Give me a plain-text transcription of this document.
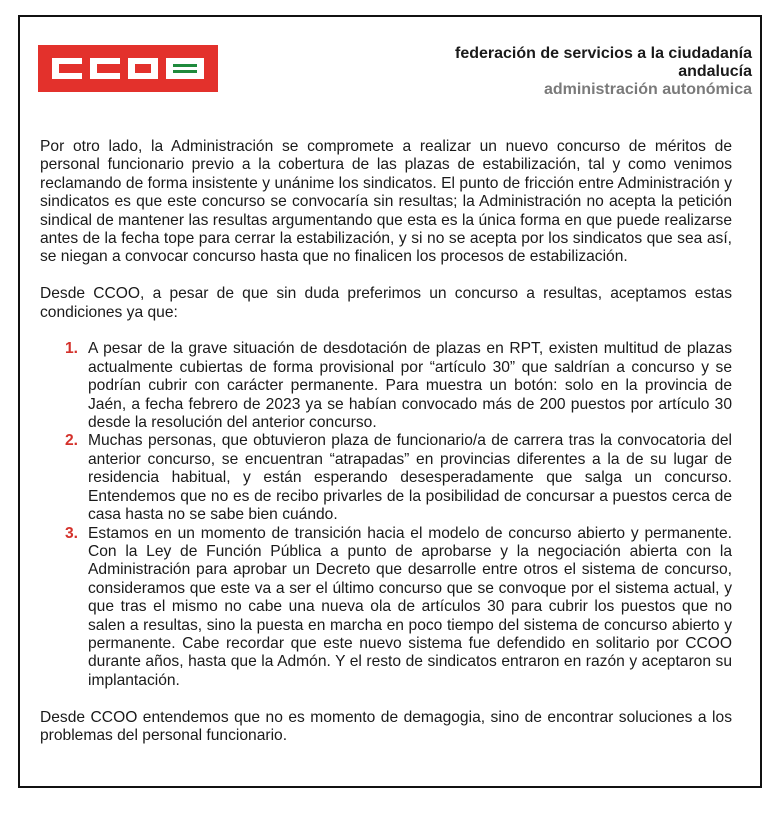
federación de servicios a la ciudadanía
andalucía
administración autonómica

Por otro lado, la Administración se compromete a realizar un nuevo concurso de méritos de personal funcionario previo a la cobertura de las plazas de estabilización, tal y como venimos reclamando de forma insistente y unánime los sindicatos. El punto de fricción entre Administración y sindicatos es que este concurso se convocaría sin resultas; la Administración no acepta la petición sindical de mantener las resultas argumentando que esta es la única forma en que puede realizarse antes de la fecha tope para cerrar la estabilización, y si no se acepta por los sindicatos que sea así, se niegan a convocar concurso hasta que no finalicen los procesos de estabilización.

Desde CCOO, a pesar de que sin duda preferimos un concurso a resultas, aceptamos estas condiciones ya que:

1. A pesar de la grave situación de desdotación de plazas en RPT, existen multitud de plazas actualmente cubiertas de forma provisional por “artículo 30” que saldrían a concurso y se podrían cubrir con carácter permanente. Para muestra un botón: solo en la provincia de Jaén, a fecha febrero de 2023 ya se habían convocado más de 200 puestos por artículo 30 desde la resolución del anterior concurso.
2. Muchas personas, que obtuvieron plaza de funcionario/a de carrera tras la convocatoria del anterior concurso, se encuentran “atrapadas” en provincias diferentes a la de su lugar de residencia habitual, y están esperando desesperadamente que salga un concurso. Entendemos que no es de recibo privarles de la posibilidad de concursar a puestos cerca de casa hasta no se sabe bien cuándo.
3. Estamos en un momento de transición hacia el modelo de concurso abierto y permanente. Con la Ley de Función Pública a punto de aprobarse y la negociación abierta con la Administración para aprobar un Decreto que desarrolle entre otros el sistema de concurso, consideramos que este va a ser el último concurso que se convoque por el sistema actual, y que tras el mismo no cabe una nueva ola de artículos 30 para cubrir los puestos que no salen a resultas, sino la puesta en marcha en poco tiempo del sistema de concurso abierto y permanente. Cabe recordar que este nuevo sistema fue defendido en solitario por CCOO durante años, hasta que la Admón. Y el resto de sindicatos entraron en razón y aceptaron su implantación.

Desde CCOO entendemos que no es momento de demagogia, sino de encontrar soluciones a los problemas del personal funcionario.
